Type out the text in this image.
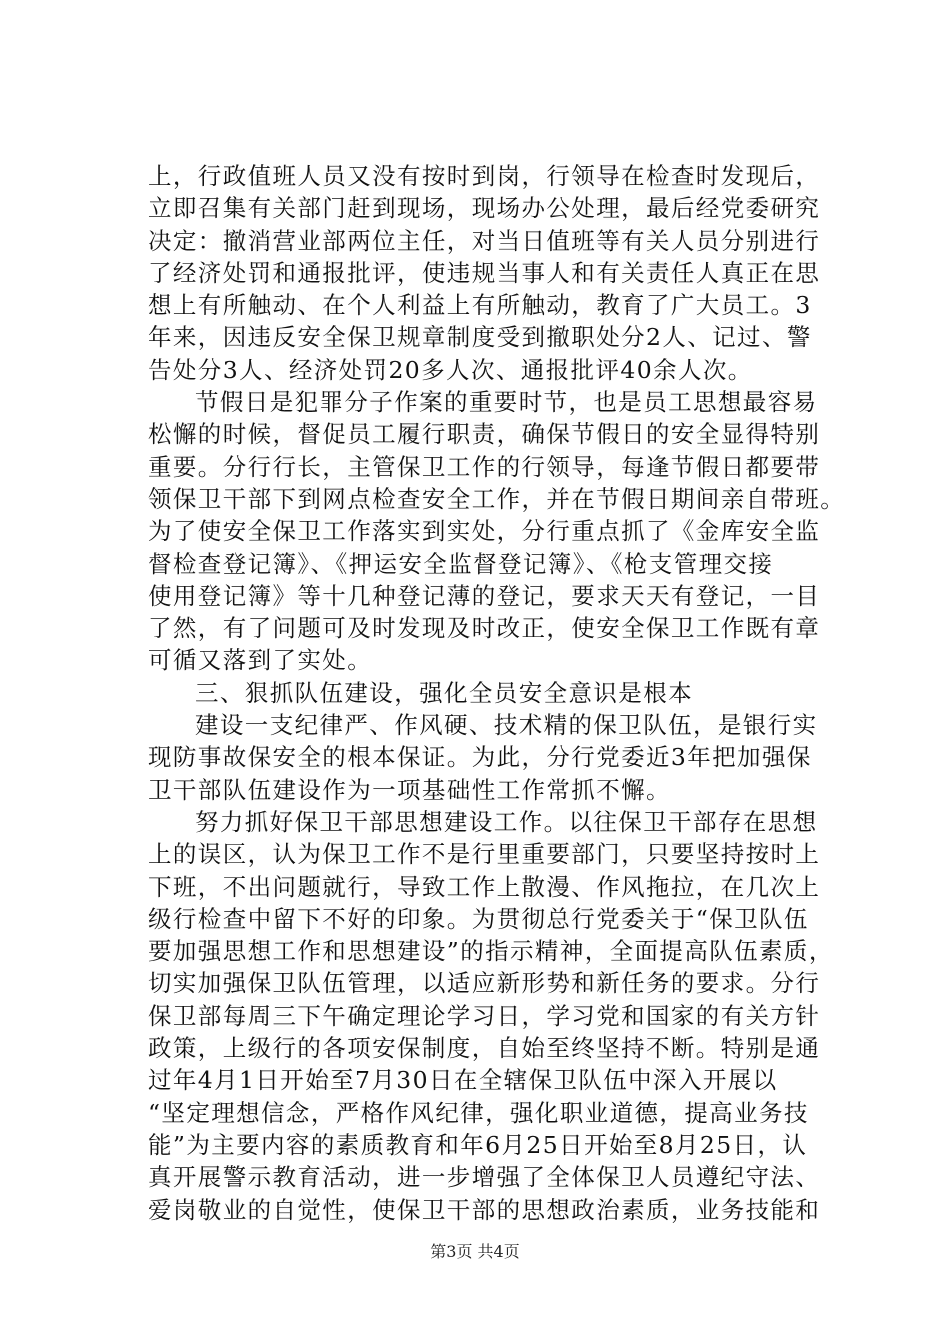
上，行政值班人员又没有按时到岗，行领导在检查时发现后，
立即召集有关部门赶到现场，现场办公处理，最后经党委研究
决定：撤消营业部两位主任，对当日值班等有关人员分别进行
了经济处罚和通报批评，使违规当事人和有关责任人真正在思
想上有所触动、在个人利益上有所触动，教育了广大员工。3
年来，因违反安全保卫规章制度受到撤职处分2人、记过、警
告处分3人、经济处罚20多人次、通报批评40余人次。
节假日是犯罪分子作案的重要时节，也是员工思想最容易
松懈的时候，督促员工履行职责，确保节假日的安全显得特别
重要。分行行长，主管保卫工作的行领导，每逢节假日都要带
领保卫干部下到网点检查安全工作，并在节假日期间亲自带班。
为了使安全保卫工作落实到实处，分行重点抓了《金库安全监
督检查登记簿》、《押运安全监督登记簿》、《枪支管理交接
使用登记簿》等十几种登记薄的登记，要求天天有登记，一目
了然，有了问题可及时发现及时改正，使安全保卫工作既有章
可循又落到了实处。
三、狠抓队伍建设，强化全员安全意识是根本
建设一支纪律严、作风硬、技术精的保卫队伍，是银行实
现防事故保安全的根本保证。为此，分行党委近3年把加强保
卫干部队伍建设作为一项基础性工作常抓不懈。
努力抓好保卫干部思想建设工作。以往保卫干部存在思想
上的误区，认为保卫工作不是行里重要部门，只要坚持按时上
下班，不出问题就行，导致工作上散漫、作风拖拉，在几次上
级行检查中留下不好的印象。为贯彻总行党委关于“保卫队伍
要加强思想工作和思想建设”的指示精神，全面提高队伍素质，
切实加强保卫队伍管理，以适应新形势和新任务的要求。分行
保卫部每周三下午确定理论学习日，学习党和国家的有关方针
政策，上级行的各项安保制度，自始至终坚持不断。特别是通
过年4月1日开始至7月30日在全辖保卫队伍中深入开展以
“坚定理想信念，严格作风纪律，强化职业道德，提高业务技
能”为主要内容的素质教育和年6月25日开始至8月25日，认
真开展警示教育活动，进一步增强了全体保卫人员遵纪守法、
爱岗敬业的自觉性，使保卫干部的思想政治素质，业务技能和
第3页 共4页
